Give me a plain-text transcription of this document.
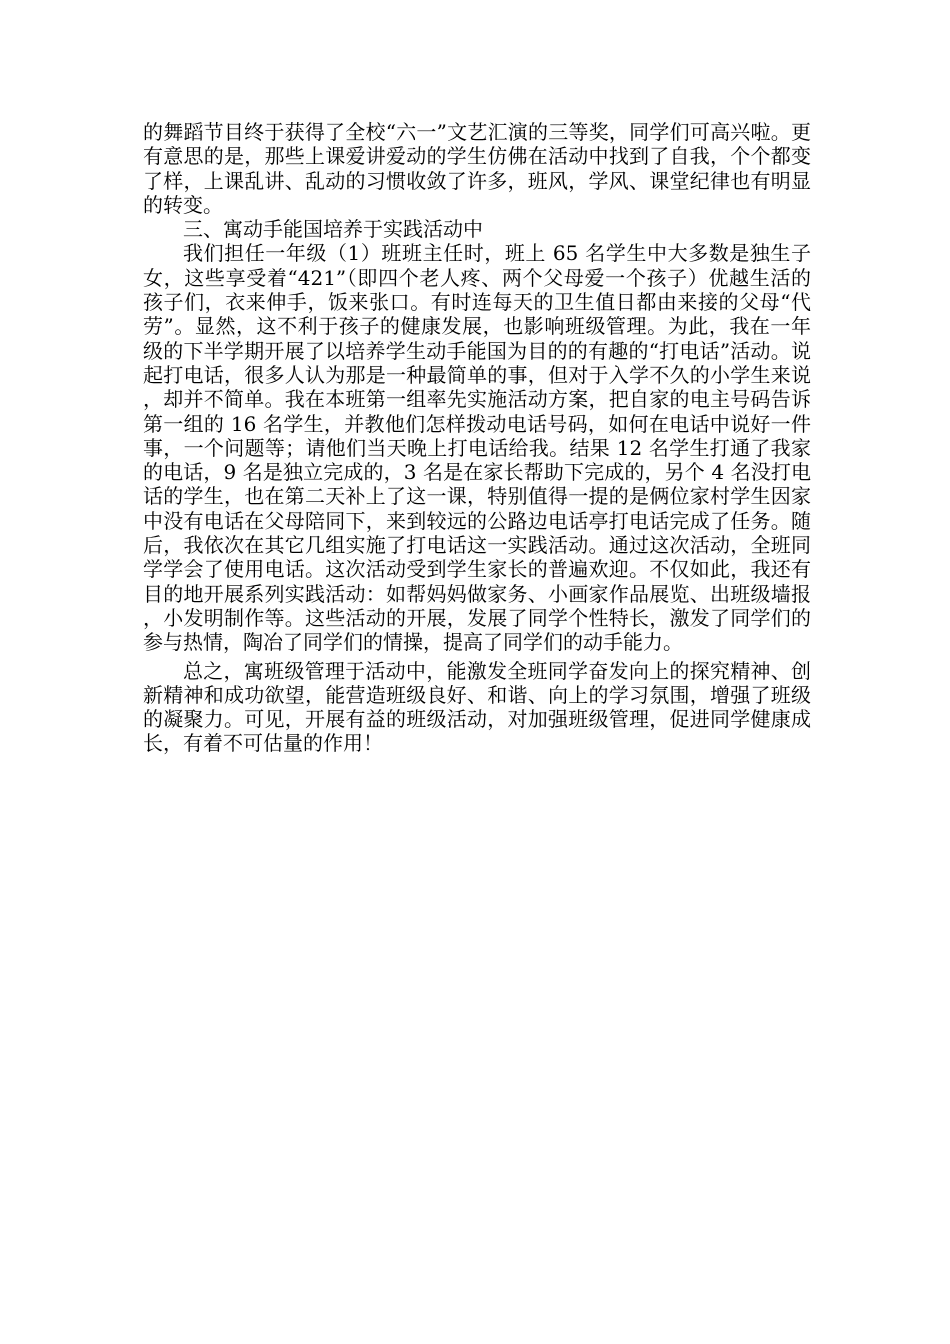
的舞蹈节目终于获得了全校“六一”文艺汇演的三等奖，同学们可高兴啦。更有意思的是，那些上课爱讲爱动的学生仿佛在活动中找到了自我，个个都变了样，上课乱讲、乱动的习惯收敛了许多，班风，学风、课堂纪律也有明显的转变。

三、寓动手能国培养于实践活动中

我们担任一年级（1）班班主任时，班上 65 名学生中大多数是独生子女，这些享受着“421”（即四个老人疼、两个父母爱一个孩子）优越生活的孩子们，衣来伸手，饭来张口。有时连每天的卫生值日都由来接的父母“代劳”。显然，这不利于孩子的健康发展，也影响班级管理。为此，我在一年级的下半学期开展了以培养学生动手能国为目的的有趣的“打电话”活动。说起打电话，很多人认为那是一种最简单的事，但对于入学不久的小学生来说，却并不简单。我在本班第一组率先实施活动方案，把自家的电主号码告诉第一组的 16 名学生，并教他们怎样拨动电话号码，如何在电话中说好一件事，一个问题等；请他们当天晚上打电话给我。结果 12 名学生打通了我家的电话，9 名是独立完成的，3 名是在家长帮助下完成的，另个 4 名没打电话的学生，也在第二天补上了这一课，特别值得一提的是俩位家村学生因家中没有电话在父母陪同下，来到较远的公路边电话亭打电话完成了任务。随后，我依次在其它几组实施了打电话这一实践活动。通过这次活动，全班同学学会了使用电话。这次活动受到学生家长的普遍欢迎。不仅如此，我还有目的地开展系列实践活动：如帮妈妈做家务、小画家作品展览、出班级墙报，小发明制作等。这些活动的开展，发展了同学个性特长，激发了同学们的参与热情，陶冶了同学们的情操，提高了同学们的动手能力。

总之，寓班级管理于活动中，能激发全班同学奋发向上的探究精神、创新精神和成功欲望，能营造班级良好、和谐、向上的学习氛围，增强了班级的凝聚力。可见，开展有益的班级活动，对加强班级管理，促进同学健康成长，有着不可估量的作用！
